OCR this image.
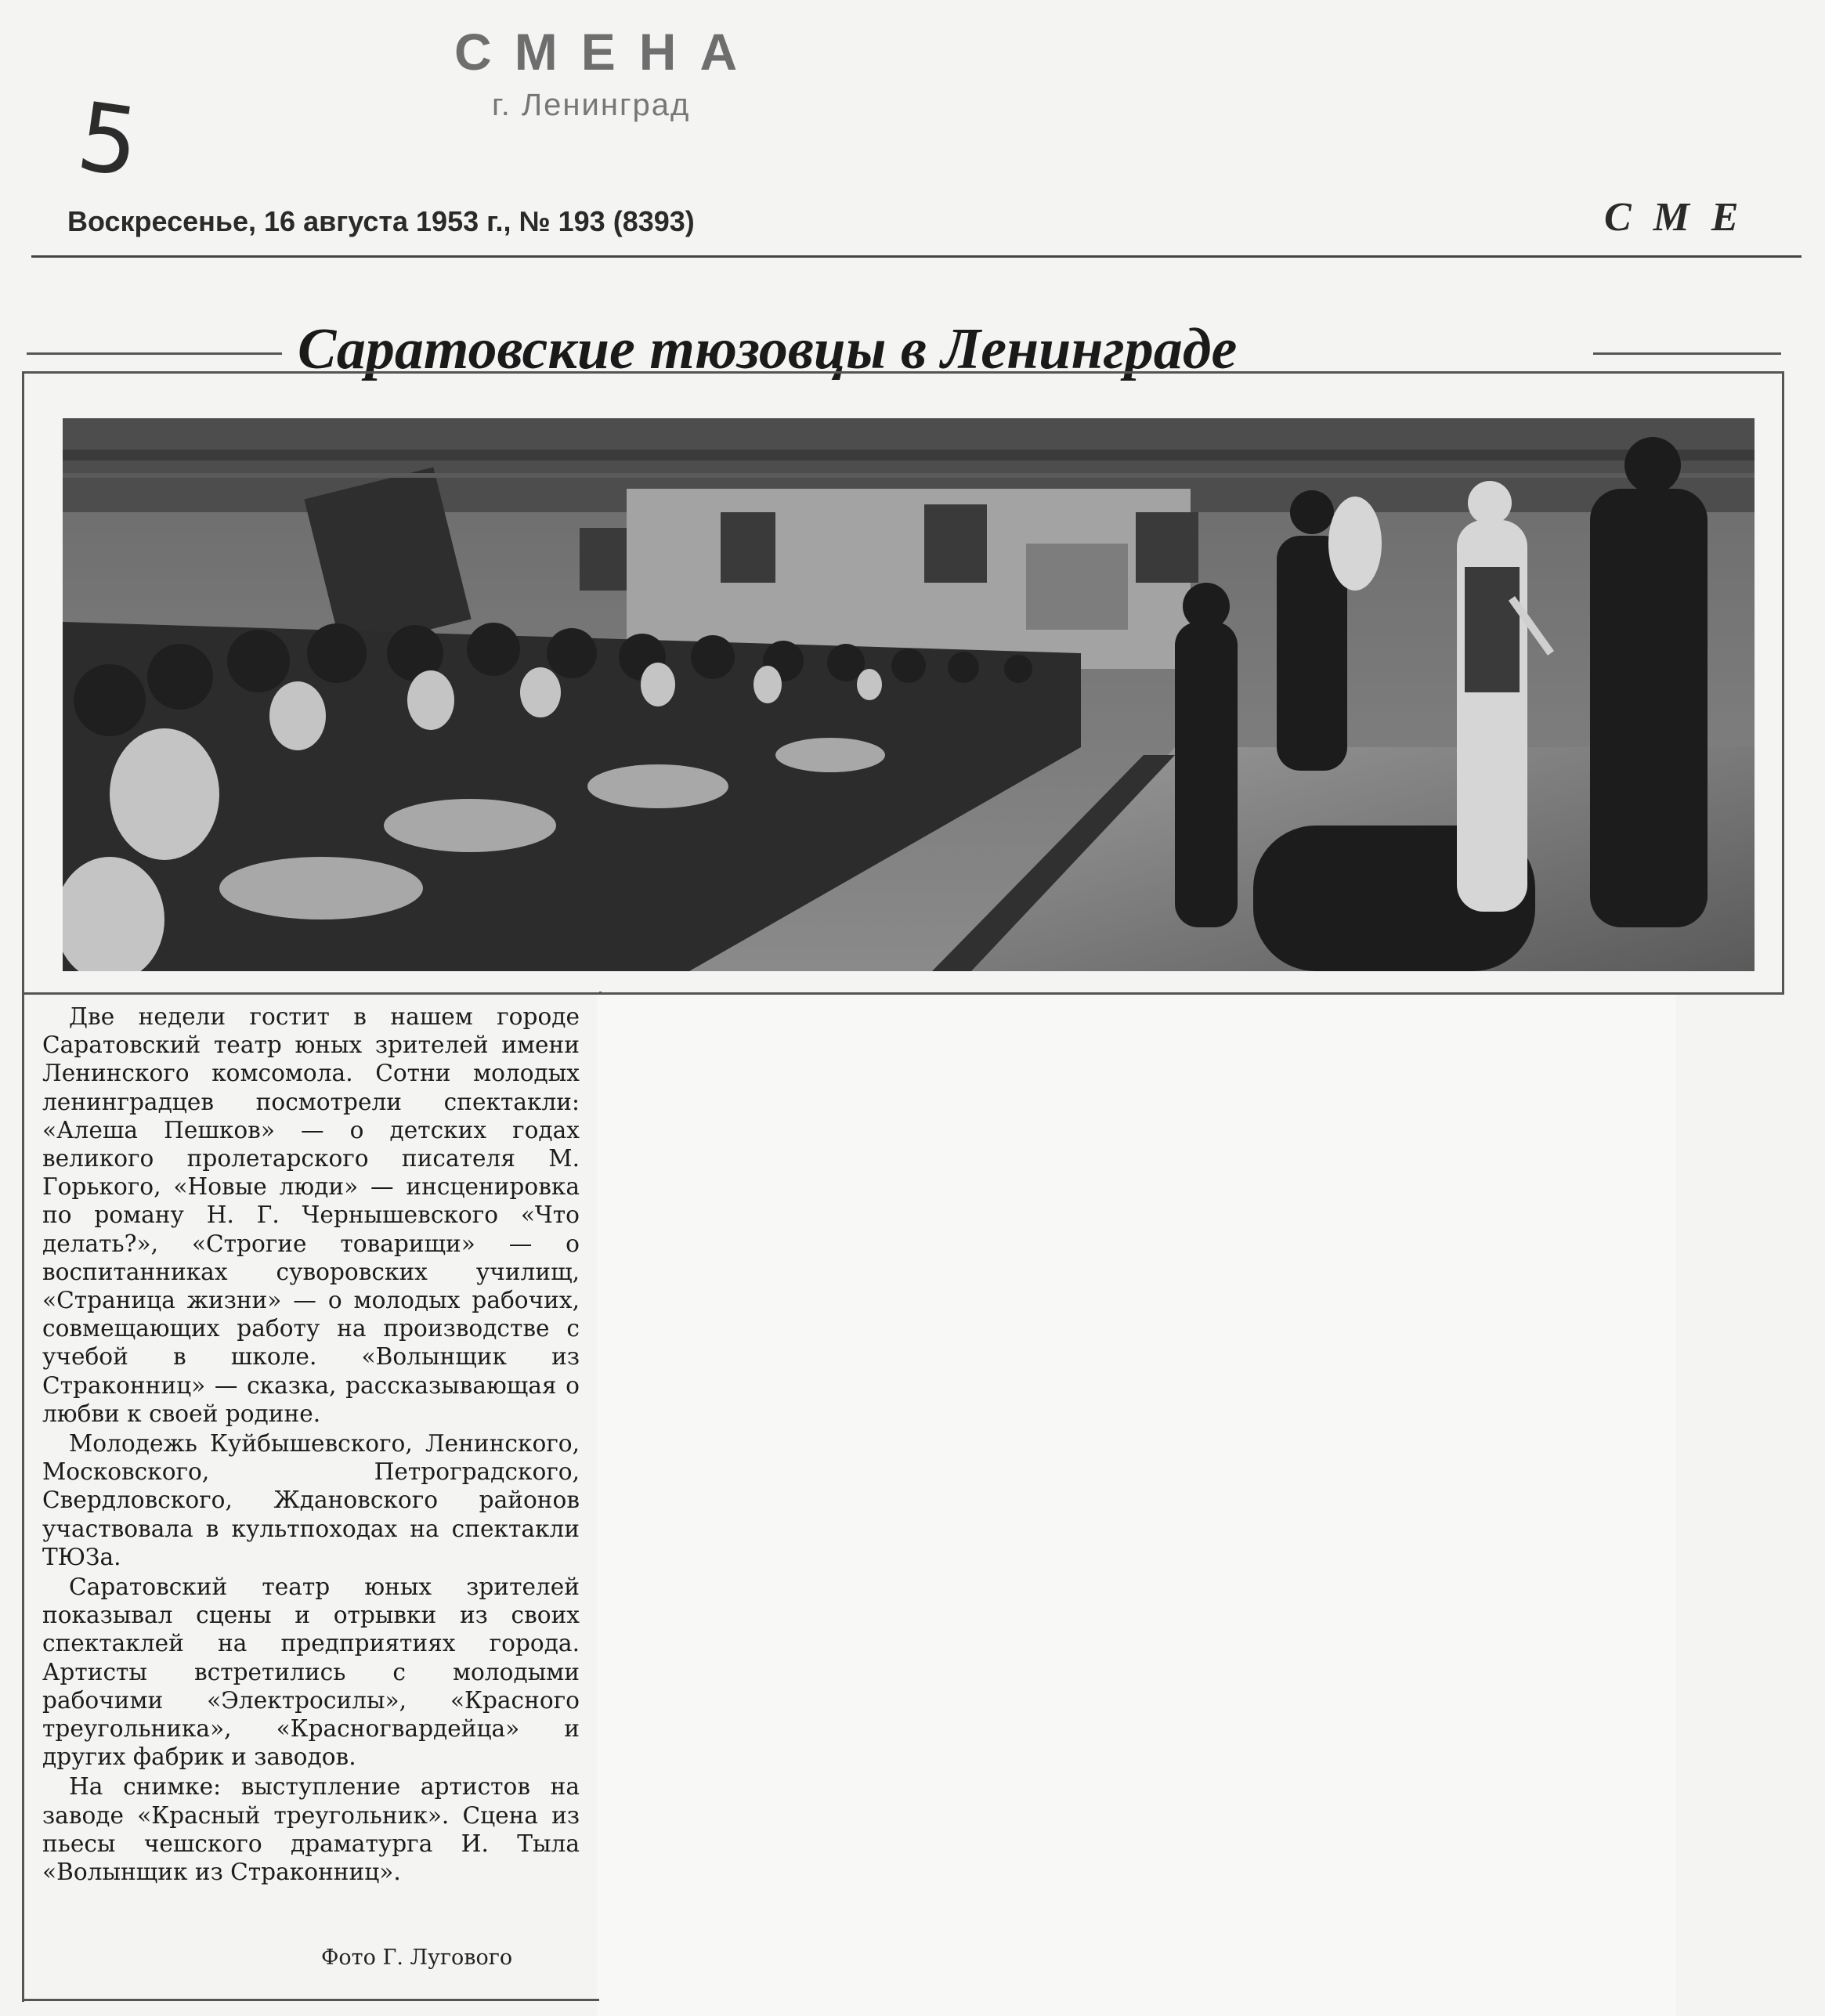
СМЕНА
г. Ленинград
5
Воскресенье, 16 августа 1953 г., № 193 (8393)	СМЕ
Саратовские тюзовцы в Ленинграде

Две недели гостит в нашем городе Саратовский театр юных зрителей имени Ленинского комсомола. Сотни молодых ленинградцев посмотрели спектакли: «Алеша Пешков» — о детских годах великого пролетарского писателя М. Горького, «Новые люди» — инсценировка по роману Н. Г. Чернышевского «Что делать?», «Строгие товарищи» — о воспитанниках суворовских училищ, «Страница жизни» — о молодых рабочих, совмещающих работу на производстве с учебой в школе. «Волынщик из Страконниц» — сказка, рассказывающая о любви к своей родине.

Молодежь Куйбышевского, Ленинского, Московского, Петроградского, Свердловского, Ждановского районов участвовала в культпоходах на спектакли ТЮЗа.

Саратовский театр юных зрителей показывал сцены и отрывки из своих спектаклей на предприятиях города. Артисты встретились с молодыми рабочими «Электросилы», «Красного треугольника», «Красногвардейца» и других фабрик и заводов.

На снимке: выступление артистов на заводе «Красный треугольник». Сцена из пьесы чешского драматурга И. Тыла «Волынщик из Страконниц».

Фото Г. Лугового
